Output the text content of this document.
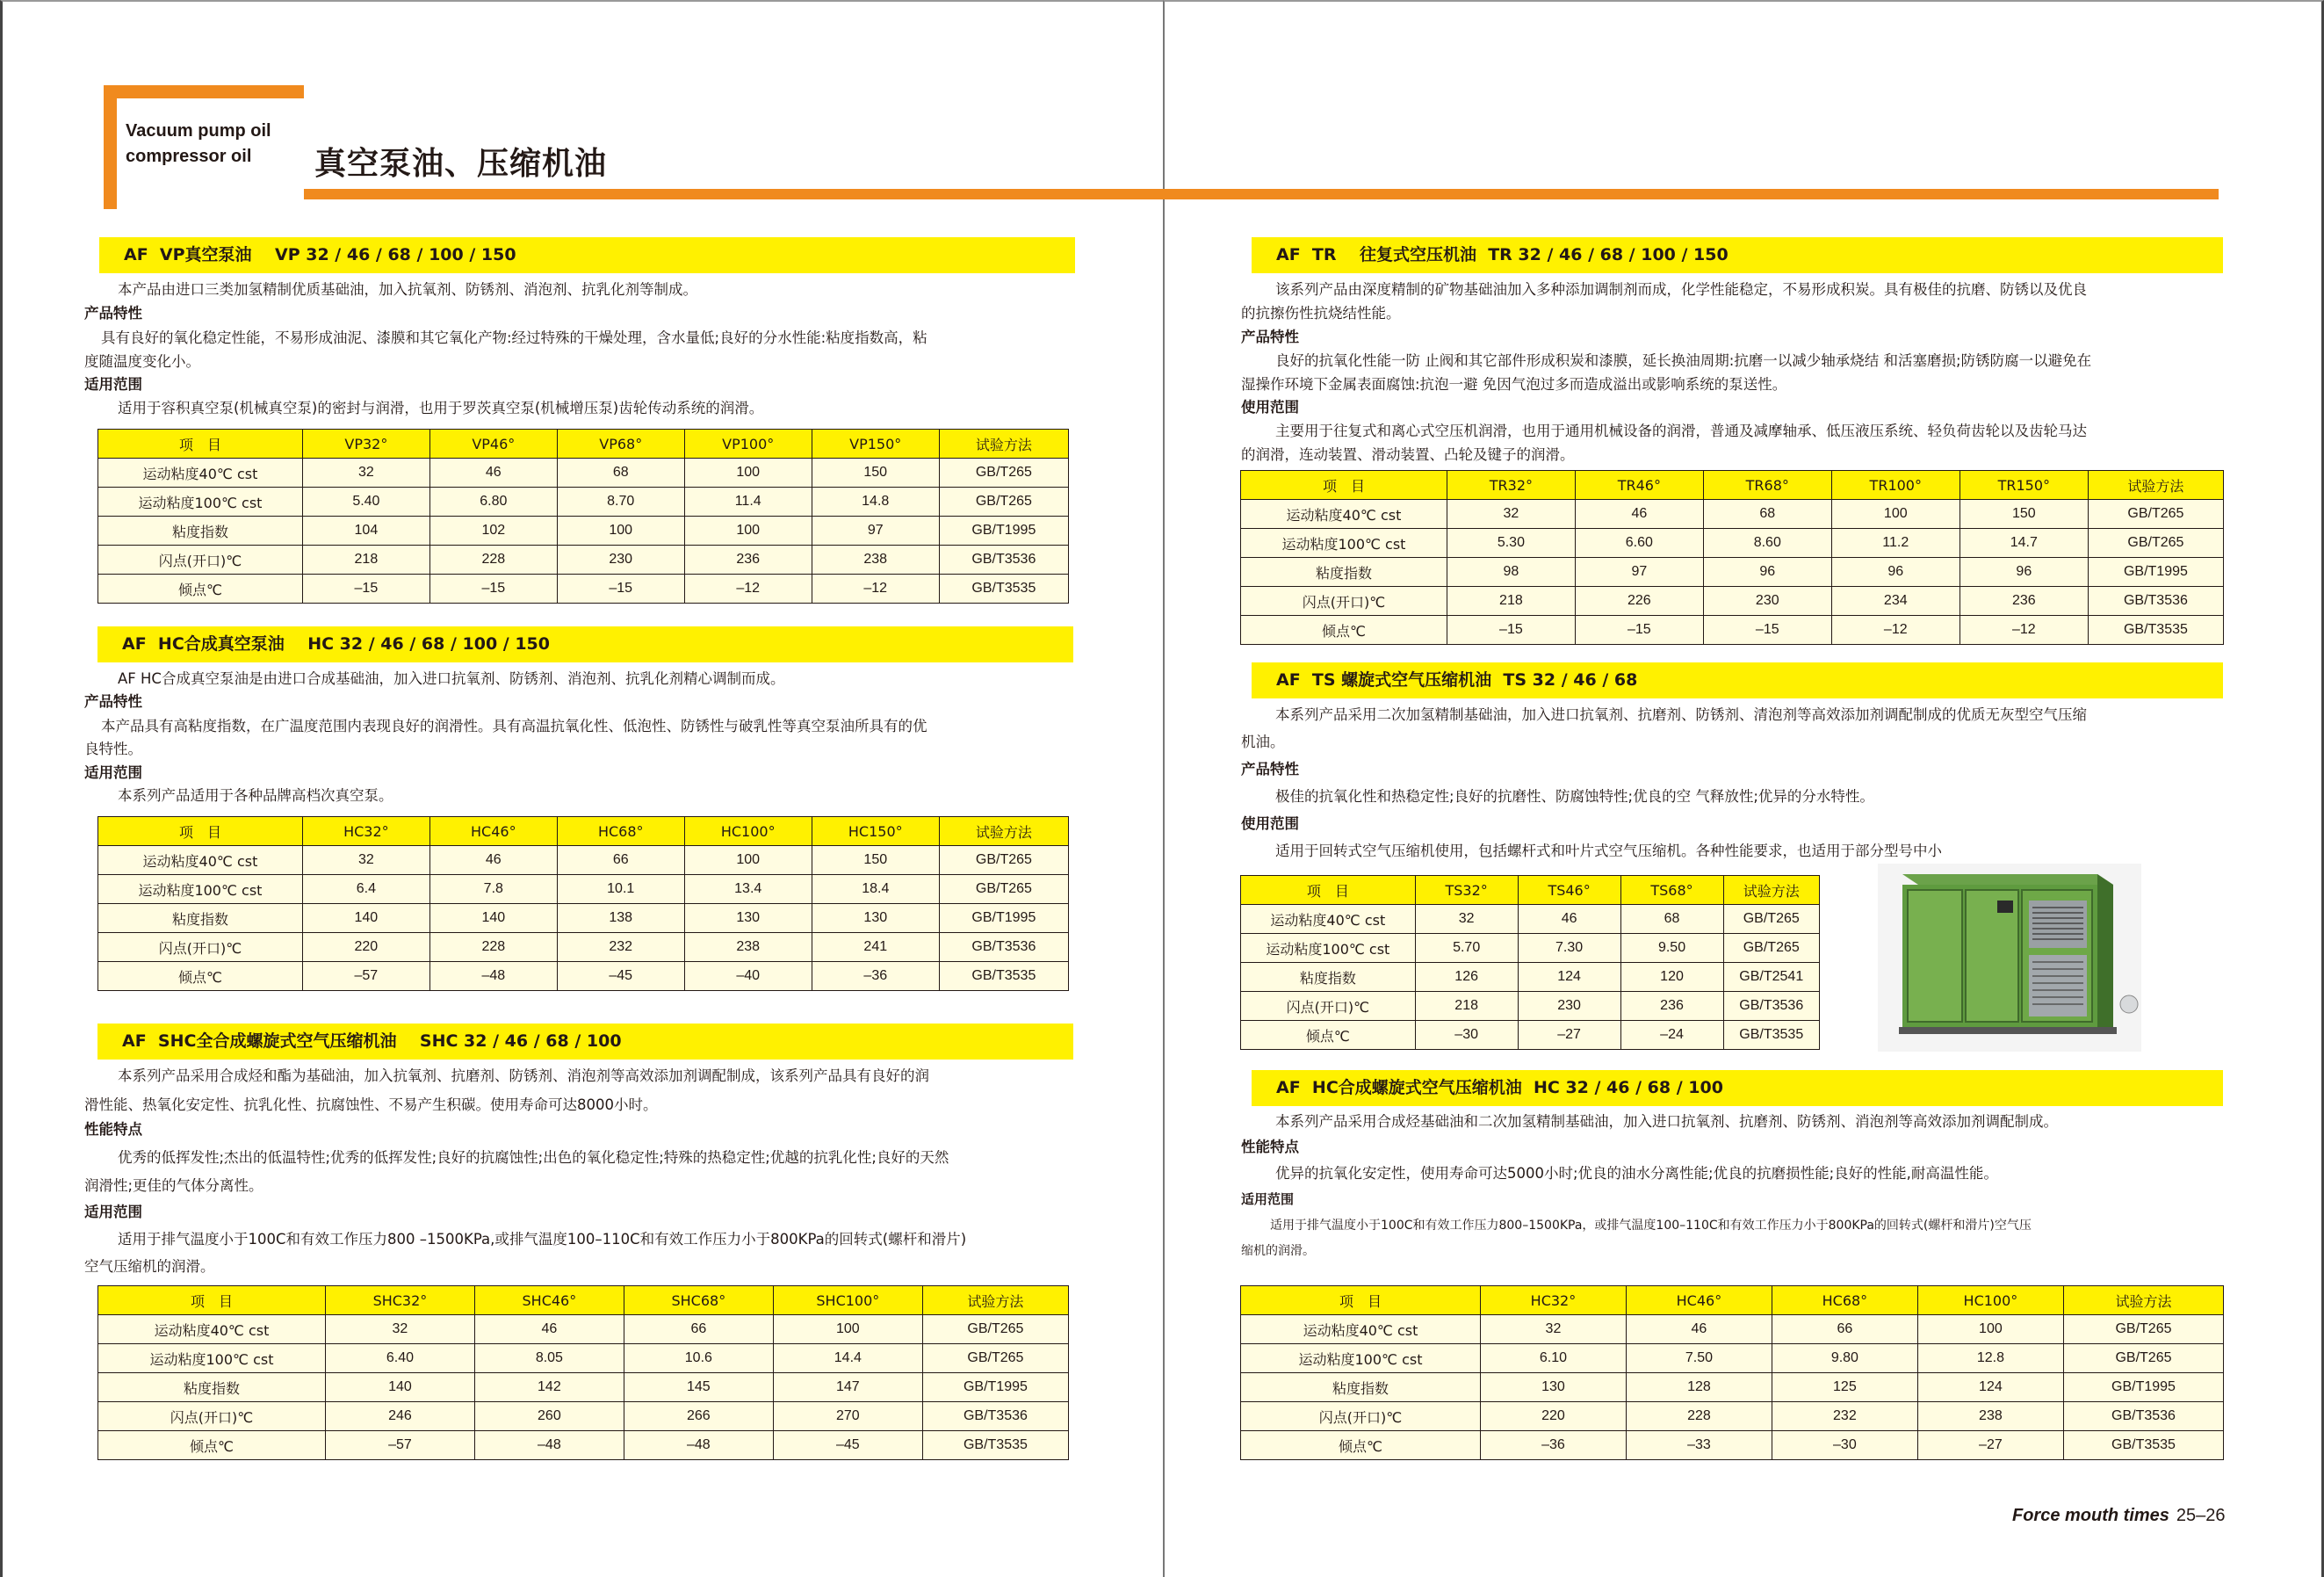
Vacuum pump oil
compressor oil 真空泵油、压缩机油
AF  VP真空泵油    VP 32 / 46 / 68 / 100 / 150
本产品由进口三类加氢精制优质基础油，加入抗氧剂、防锈剂、消泡剂、抗乳化剂等制成。
产品特性
具有良好的氧化稳定性能，不易形成油泥、漆膜和其它氧化产物:经过特殊的干燥处理，含水量低;良好的分水性能:粘度指数高，粘
度随温度变化小。
适用范围
适用于容积真空泵(机械真空泵)的密封与润滑，也用于罗茨真空泵(机械增压泵)齿轮传动系统的润滑。
项　目	VP32°	VP46°	VP68°	VP100°	VP150°	试验方法
运动粘度40℃ cst	32	46	68	100	150	GB/T265
运动粘度100℃ cst	5.40	6.80	8.70	11.4	14.8	GB/T265
粘度指数	104	102	100	100	97	GB/T1995
闪点(开口)℃	218	228	230	236	238	GB/T3536
倾点℃	–15	–15	–15	–12	–12	GB/T3535
AF  HC合成真空泵油    HC 32 / 46 / 68 / 100 / 150
AF HC合成真空泵油是由进口合成基础油，加入进口抗氧剂、防锈剂、消泡剂、抗乳化剂精心调制而成。
产品特性
本产品具有高粘度指数，在广温度范围内表现良好的润滑性。具有高温抗氧化性、低泡性、防锈性与破乳性等真空泵油所具有的优
良特性。
适用范围
本系列产品适用于各种品牌高档次真空泵。
项　目	HC32°	HC46°	HC68°	HC100°	HC150°	试验方法
运动粘度40℃ cst	32	46	66	100	150	GB/T265
运动粘度100℃ cst	6.4	7.8	10.1	13.4	18.4	GB/T265
粘度指数	140	140	138	130	130	GB/T1995
闪点(开口)℃	220	228	232	238	241	GB/T3536
倾点℃	–57	–48	–45	–40	–36	GB/T3535
AF  SHC全合成螺旋式空气压缩机油    SHC 32 / 46 / 68 / 100
本系列产品采用合成烃和酯为基础油，加入抗氧剂、抗磨剂、防锈剂、消泡剂等高效添加剂调配制成，该系列产品具有良好的润
滑性能、热氧化安定性、抗乳化性、抗腐蚀性、不易产生积碳。使用寿命可达8000小时。
性能特点
优秀的低挥发性;杰出的低温特性;优秀的低挥发性;良好的抗腐蚀性;出色的氧化稳定性;特殊的热稳定性;优越的抗乳化性;良好的天然
润滑性;更佳的气体分离性。
适用范围
适用于排气温度小于100C和有效工作压力800 –1500KPa,或排气温度100–110C和有效工作压力小于800KPa的回转式(螺杆和滑片)
空气压缩机的润滑。
项　目	SHC32°	SHC46°	SHC68°	SHC100°	试验方法
运动粘度40℃ cst	32	46	66	100	GB/T265
运动粘度100℃ cst	6.40	8.05	10.6	14.4	GB/T265
粘度指数	140	142	145	147	GB/T1995
闪点(开口)℃	246	260	266	270	GB/T3536
倾点℃	–57	–48	–48	–45	GB/T3535
AF  TR    往复式空压机油  TR 32 / 46 / 68 / 100 / 150
该系列产品由深度精制的矿物基础油加入多种添加调制剂而成，化学性能稳定，不易形成积炭。具有极佳的抗磨、防锈以及优良
的抗擦伤性抗烧结性能。
产品特性
良好的抗氧化性能一防 止阀和其它部件形成积炭和漆膜，延长换油周期:抗磨一以减少轴承烧结 和活塞磨损;防锈防腐一以避免在
湿操作环境下金属表面腐蚀:抗泡一避 免因气泡过多而造成溢出或影响系统的泵送性。
使用范围
主要用于往复式和离心式空压机润滑，也用于通用机械设备的润滑，普通及减摩轴承、低压液压系统、轻负荷齿轮以及齿轮马达
的润滑，连动装置、滑动装置、凸轮及键子的润滑。
项　目	TR32°	TR46°	TR68°	TR100°	TR150°	试验方法
运动粘度40℃ cst	32	46	68	100	150	GB/T265
运动粘度100℃ cst	5.30	6.60	8.60	11.2	14.7	GB/T265
粘度指数	98	97	96	96	96	GB/T1995
闪点(开口)℃	218	226	230	234	236	GB/T3536
倾点℃	–15	–15	–15	–12	–12	GB/T3535
AF  TS 螺旋式空气压缩机油  TS 32 / 46 / 68
本系列产品采用二次加氢精制基础油，加入进口抗氧剂、抗磨剂、防锈剂、清泡剂等高效添加剂调配制成的优质无灰型空气压缩
机油。
产品特性
极佳的抗氧化性和热稳定性;良好的抗磨性、防腐蚀特性;优良的空 气释放性;优异的分水特性。
使用范围
适用于回转式空气压缩机使用，包括螺杆式和叶片式空气压缩机。各种性能要求，也适用于部分型号中小
项　目	TS32°	TS46°	TS68°	试验方法
运动粘度40℃ cst	32	46	68	GB/T265
运动粘度100℃ cst	5.70	7.30	9.50	GB/T265
粘度指数	126	124	120	GB/T2541
闪点(开口)℃	218	230	236	GB/T3536
倾点℃	–30	–27	–24	GB/T3535
AF  HC合成螺旋式空气压缩机油  HC 32 / 46 / 68 / 100
本系列产品采用合成烃基础油和二次加氢精制基础油，加入进口抗氧剂、抗磨剂、防锈剂、消泡剂等高效添加剂调配制成。
性能特点
优异的抗氧化安定性，使用寿命可达5000小时;优良的油水分离性能;优良的抗磨损性能;良好的性能,耐高温性能。
适用范围
适用于排气温度小于100C和有效工作压力800–1500KPa，或排气温度100–110C和有效工作压力小于800KPa的回转式(螺杆和滑片)空气压
缩机的润滑。
项　目	HC32°	HC46°	HC68°	HC100°	试验方法
运动粘度40℃ cst	32	46	66	100	GB/T265
运动粘度100℃ cst	6.10	7.50	9.80	12.8	GB/T265
粘度指数	130	128	125	124	GB/T1995
闪点(开口)℃	220	228	232	238	GB/T3536
倾点℃	–36	–33	–30	–27	GB/T3535
Force mouth times 25–26
